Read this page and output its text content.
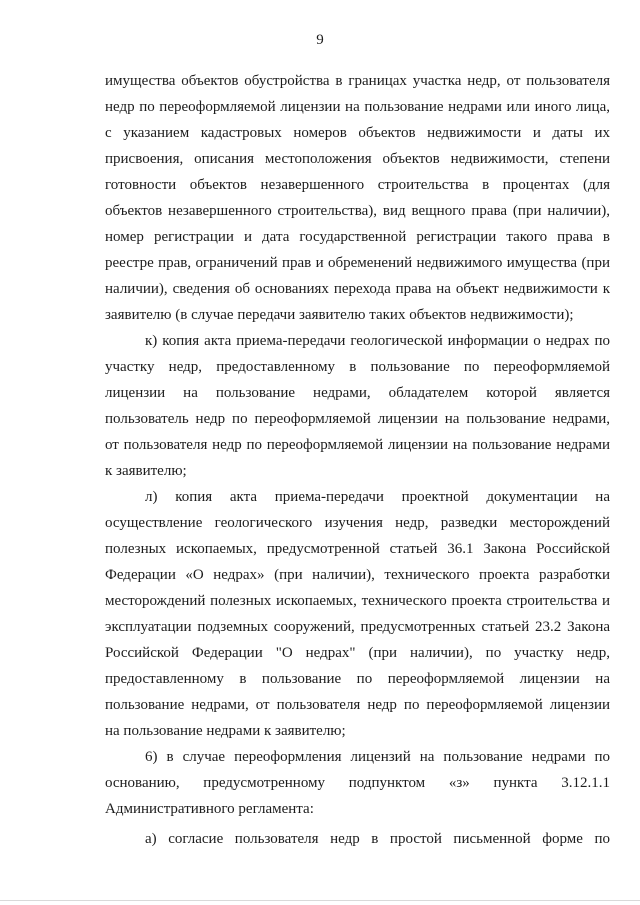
9
имущества объектов обустройства в границах участка недр, от пользователя
недр по переоформляемой лицензии на пользование недрами или иного лица,
с указанием кадастровых номеров объектов недвижимости и даты их
присвоения, описания местоположения объектов недвижимости, степени
готовности объектов незавершенного строительства в процентах (для
объектов незавершенного строительства), вид вещного права (при наличии),
номер регистрации и дата государственной регистрации такого права в
реестре прав, ограничений прав и обременений недвижимого имущества (при
наличии), сведения об основаниях перехода права на объект недвижимости к
заявителю (в случае передачи заявителю таких объектов недвижимости);
к) копия акта приема-передачи геологической информации о недрах по
участку недр, предоставленному в пользование по переоформляемой
лицензии на пользование недрами, обладателем которой является
пользователь недр по переоформляемой лицензии на пользование недрами,
от пользователя недр по переоформляемой лицензии на пользование недрами
к заявителю;
л) копия акта приема-передачи проектной документации на
осуществление геологического изучения недр, разведки месторождений
полезных ископаемых, предусмотренной статьей 36.1 Закона Российской
Федерации «О недрах» (при наличии), технического проекта разработки
месторождений полезных ископаемых, технического проекта строительства и
эксплуатации подземных сооружений, предусмотренных статьей 23.2 Закона
Российской Федерации "О недрах" (при наличии), по участку недр,
предоставленному в пользование по переоформляемой лицензии на
пользование недрами, от пользователя недр по переоформляемой лицензии
на пользование недрами к заявителю;
6) в случае переоформления лицензий на пользование недрами по
основанию, предусмотренному подпунктом «з» пункта 3.12.1.1
Административного регламента:
а) согласие пользователя недр в простой письменной форме по
